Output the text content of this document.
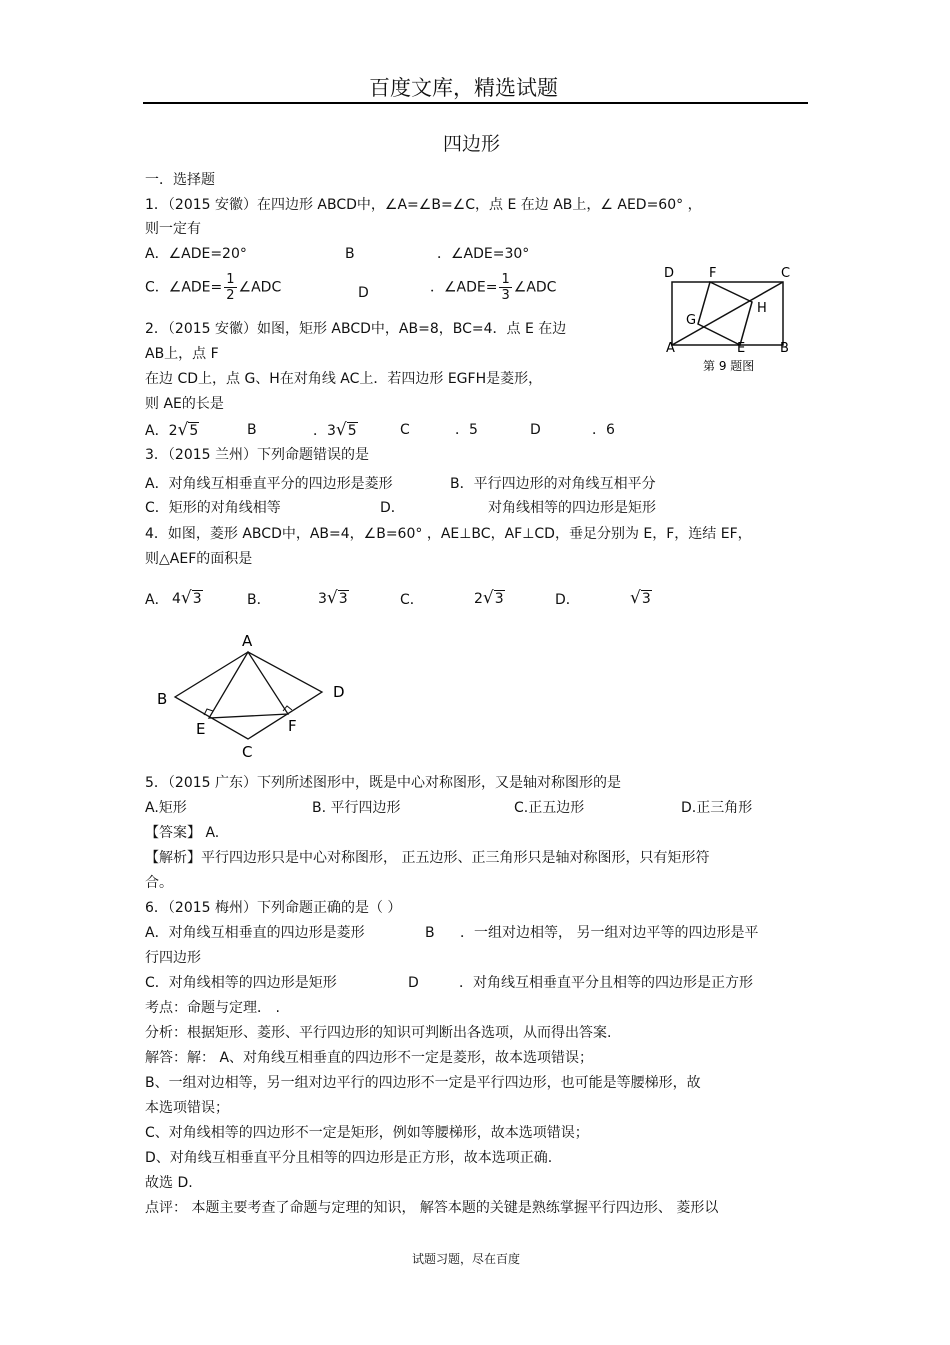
百度文库，精选试题
四边形
一．选择题
1．（2015 安徽）在四边形 ABCD中，∠A=∠B=∠C，点 E 在边 AB上，∠ AED=60° ，
则一定有
A．∠ADE=20°	B	．∠ADE=30°
C．∠ADE= $\frac{1}{2}$ ∠ADC	D	．∠ADE= $\frac{1}{3}$ ∠ADC
D	F	C
H
G
A	E	B
第 9 题图
2．（2015 安徽）如图，矩形 ABCD中，AB=8，BC=4．点 E 在边
AB上，点 F
在边 CD上，点 G、H在对角线 AC上．若四边形 EGFH是菱形，
则 AE的长是
A．2√5	B	．3√5	C	．5	D	．6
3．（2015 兰州）下列命题错误的是
A．对角线互相垂直平分的四边形是菱形	B．平行四边形的对角线互相平分
C．矩形的对角线相等	D．	对角线相等的四边形是矩形
4．如图，菱形 ABCD中，AB=4，∠B=60° ，AE⊥BC，AF⊥CD，垂足分别为 E，F，连结 EF，
则△AEF的面积是
A． 4√3	B．	3√3	C．	2√3	D．	√3
A
B	D
E	F
C
5．（2015 广东）下列所述图形中，既是中心对称图形，又是轴对称图形的是
A.矩形	B. 平行四边形	C.正五边形	D.正三角形
【答案】 A.
【解析】平行四边形只是中心对称图形， 正五边形、正三角形只是轴对称图形，只有矩形符
合。
6．（2015 梅州）下列命题正确的是（ ）
A．对角线互相垂直的四边形是菱形	B ．一组对边相等， 另一组对边平等的四边形是平
行四边形
C．对角线相等的四边形是矩形	D	．对角线互相垂直平分且相等的四边形是正方形
考点：命题与定理． .
分析：根据矩形、菱形、平行四边形的知识可判断出各选项，从而得出答案.
解答：解： A、对角线互相垂直的四边形不一定是菱形，故本选项错误；
B、一组对边相等，另一组对边平行的四边形不一定是平行四边形，也可能是等腰梯形，故
本选项错误；
C、对角线相等的四边形不一定是矩形，例如等腰梯形，故本选项错误；
D、对角线互相垂直平分且相等的四边形是正方形，故本选项正确.
故选 D.
点评： 本题主要考查了命题与定理的知识， 解答本题的关键是熟练掌握平行四边形、 菱形以
试题习题，尽在百度
